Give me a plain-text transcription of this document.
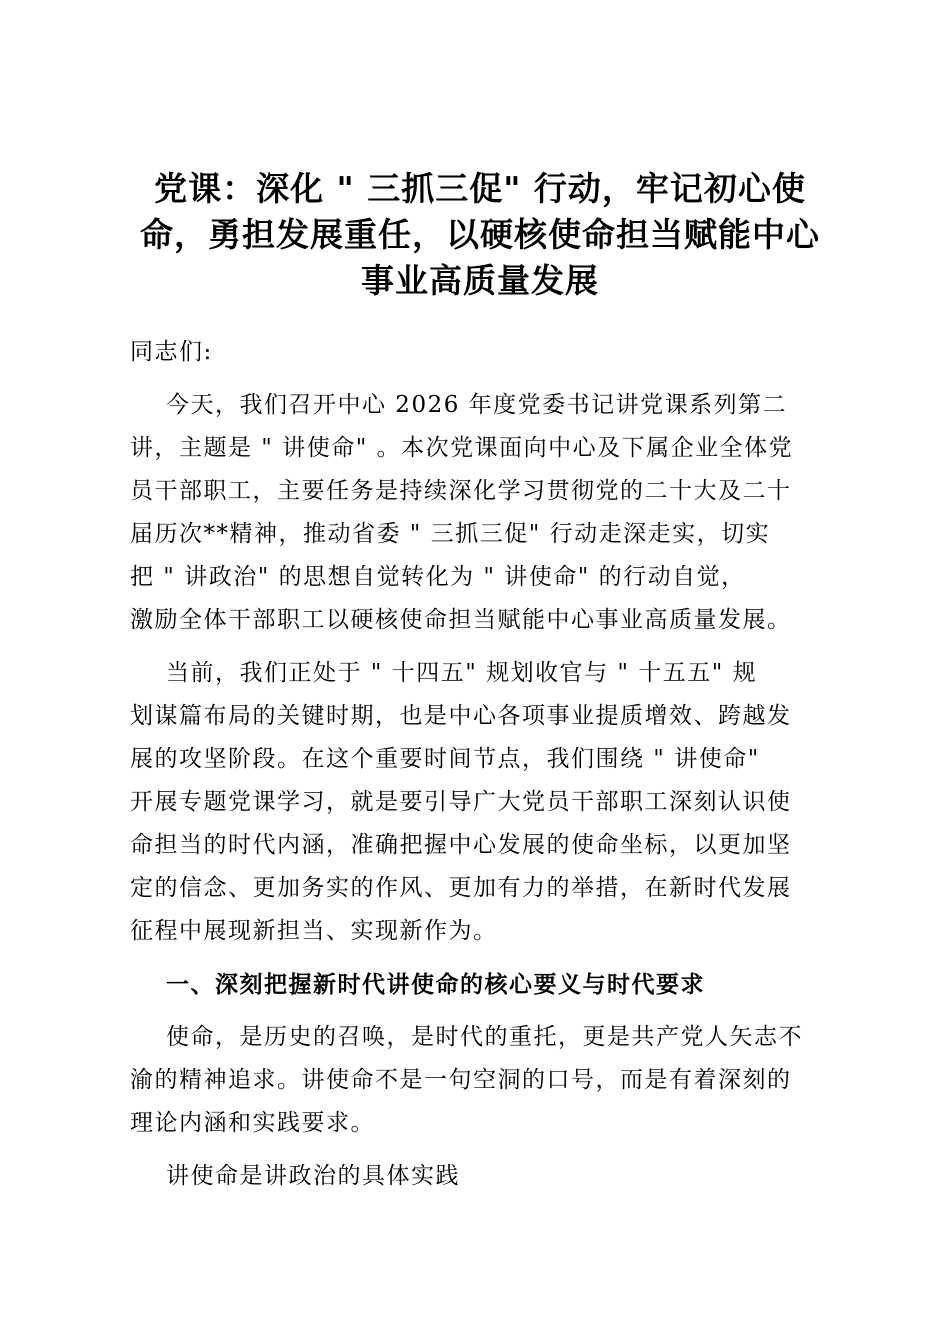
党课：深化 " 三抓三促" 行动，牢记初心使
命，勇担发展重任，以硬核使命担当赋能中心
事业高质量发展
同志们:
今天，我们召开中心 2026 年度党委书记讲党课系列第二
讲，主题是 " 讲使命" 。本次党课面向中心及下属企业全体党
员干部职工，主要任务是持续深化学习贯彻党的二十大及二十
届历次**精神，推动省委 " 三抓三促" 行动走深走实，切实
把 " 讲政治" 的思想自觉转化为 " 讲使命" 的行动自觉，
激励全体干部职工以硬核使命担当赋能中心事业高质量发展。
当前，我们正处于 " 十四五" 规划收官与 " 十五五" 规
划谋篇布局的关键时期，也是中心各项事业提质增效、跨越发
展的攻坚阶段。在这个重要时间节点，我们围绕 " 讲使命"
开展专题党课学习，就是要引导广大党员干部职工深刻认识使
命担当的时代内涵，准确把握中心发展的使命坐标，以更加坚
定的信念、更加务实的作风、更加有力的举措，在新时代发展
征程中展现新担当、实现新作为。
一、深刻把握新时代讲使命的核心要义与时代要求
使命，是历史的召唤，是时代的重托，更是共产党人矢志不
渝的精神追求。讲使命不是一句空洞的口号，而是有着深刻的
理论内涵和实践要求。
讲使命是讲政治的具体实践
